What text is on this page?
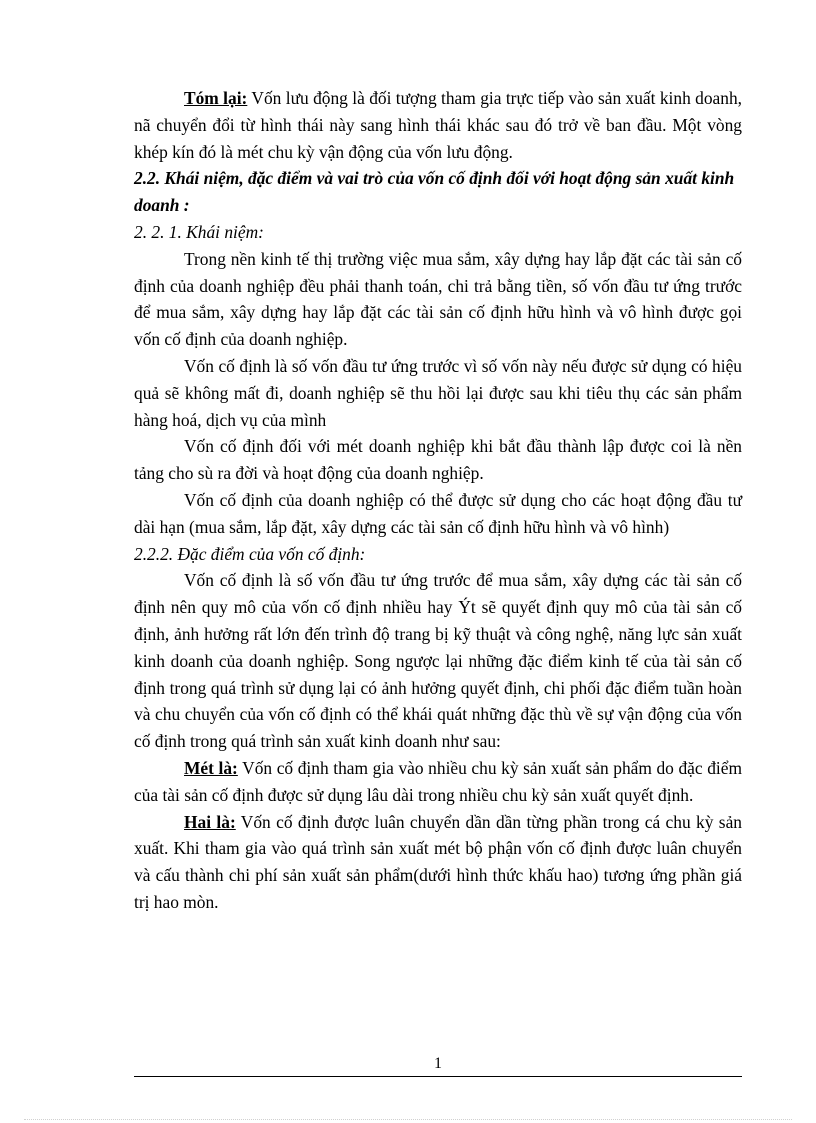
Tóm lại: Vốn lưu động là đối tượng tham gia trực tiếp vào sản xuất kinh doanh, nã chuyển đổi từ hình thái này sang hình thái khác sau đó trở về ban đầu. Một vòng khép kín đó là mét chu kỳ vận động của vốn lưu động.

2.2. Khái niệm, đặc điểm và vai trò của vốn cố định đối với hoạt động sản xuất kinh doanh :

2. 2. 1. Khái niệm:

Trong nền kinh tế thị trường việc mua sắm, xây dựng hay lắp đặt các tài sản cố định của doanh nghiệp đều phải thanh toán, chi trả bằng tiền, số vốn đầu tư ứng trước để mua sắm, xây dựng hay lắp đặt các tài sản cố định hữu hình và vô hình được gọi vốn cố định của doanh nghiệp.

Vốn cố định là số vốn đầu tư ứng trước vì số vốn này nếu được sử dụng có hiệu quả sẽ không mất đi, doanh nghiệp sẽ thu hồi lại được sau khi tiêu thụ các sản phẩm hàng hoá, dịch vụ của mình

Vốn cố định đối với mét doanh nghiệp khi bắt đầu thành lập được coi là nền tảng cho sù ra đời và hoạt động của doanh nghiệp.

Vốn cố định của doanh nghiệp có thể được sử dụng cho các hoạt động đầu tư dài hạn (mua sắm, lắp đặt, xây dựng các tài sản cố định hữu hình và vô hình)

2.2.2. Đặc điểm của vốn cố định:

Vốn cố định là số vốn đầu tư ứng trước để mua sắm, xây dựng các tài sản cố định nên quy mô của vốn cố định nhiều hay Ýt sẽ quyết định quy mô của tài sản cố định, ảnh hưởng rất lớn đến trình độ trang bị kỹ thuật và công nghệ, năng lực sản xuất kinh doanh của doanh nghiệp. Song ngược lại những đặc điểm kinh tế của tài sản cố định trong quá trình sử dụng lại có ảnh hưởng quyết định, chi phối đặc điểm tuần hoàn và chu chuyển của vốn cố định có thể khái quát những đặc thù về sự vận động của vốn cố định trong quá trình sản xuất kinh doanh như sau:

Mét là: Vốn cố định tham gia vào nhiều chu kỳ sản xuất sản phẩm do đặc điểm của tài sản cố định được sử dụng lâu dài trong nhiều chu kỳ sản xuất quyết định.

Hai là: Vốn cố định được luân chuyển dần dần từng phần trong cá chu kỳ sản xuất. Khi tham gia vào quá trình sản xuất mét bộ phận vốn cố định được luân chuyển và cấu thành chi phí sản xuất sản phẩm(dưới hình thức khấu hao) tương ứng phần giá trị hao mòn.

1
